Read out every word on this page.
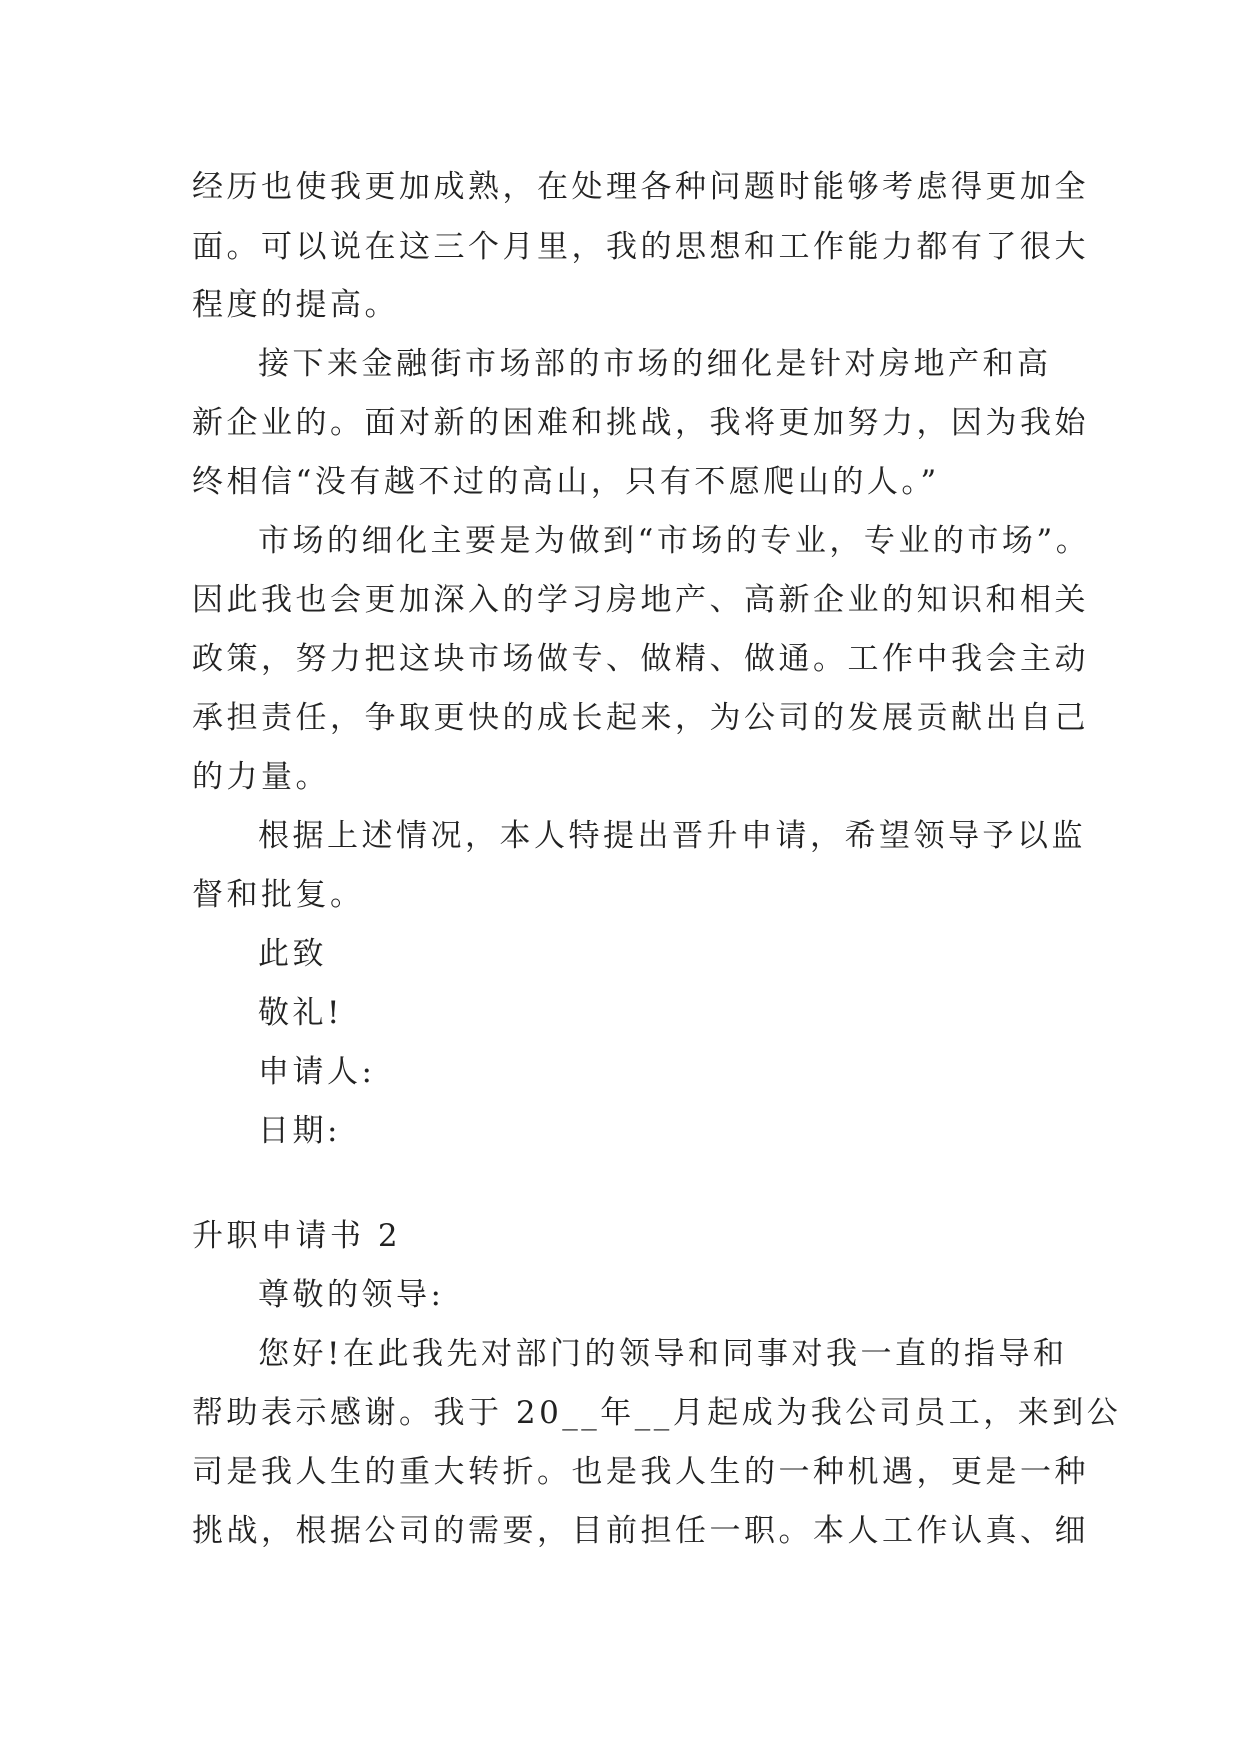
经历也使我更加成熟，在处理各种问题时能够考虑得更加全
面。可以说在这三个月里，我的思想和工作能力都有了很大
程度的提高。
接下来金融街市场部的市场的细化是针对房地产和高
新企业的。面对新的困难和挑战，我将更加努力，因为我始
终相信“没有越不过的高山，只有不愿爬山的人。”
市场的细化主要是为做到“市场的专业，专业的市场”。
因此我也会更加深入的学习房地产、高新企业的知识和相关
政策，努力把这块市场做专、做精、做通。工作中我会主动
承担责任，争取更快的成长起来，为公司的发展贡献出自己
的力量。
根据上述情况，本人特提出晋升申请，希望领导予以监
督和批复。
此致
敬礼!
申请人:
日期:
升职申请书 2
尊敬的领导:
您好!在此我先对部门的领导和同事对我一直的指导和
帮助表示感谢。我于 20__年__月起成为我公司员工，来到公
司是我人生的重大转折。也是我人生的一种机遇，更是一种
挑战，根据公司的需要，目前担任一职。本人工作认真、细
